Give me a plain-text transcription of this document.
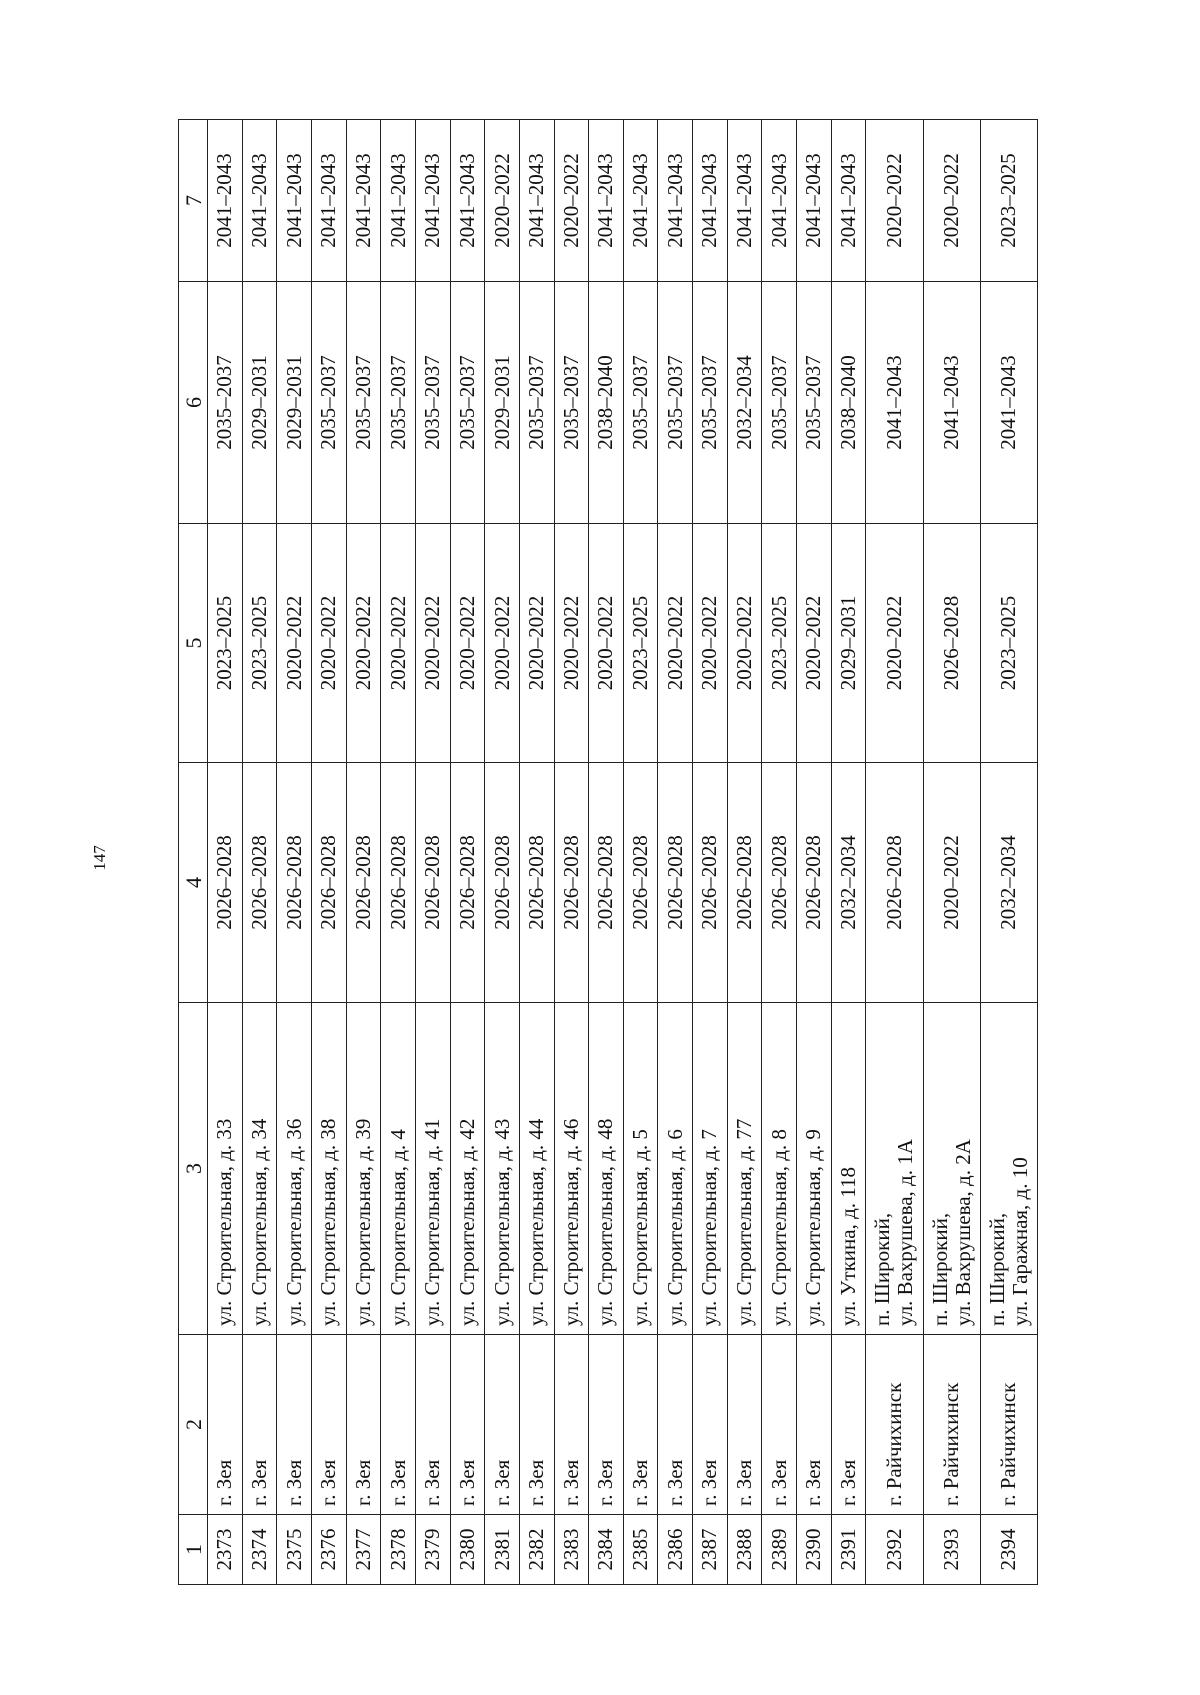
147
1	2	3	4	5	6	7
2373	г. Зея	ул. Строительная, д. 33	2026–2028	2023–2025	2035–2037	2041–2043
2374	г. Зея	ул. Строительная, д. 34	2026–2028	2023–2025	2029–2031	2041–2043
2375	г. Зея	ул. Строительная, д. 36	2026–2028	2020–2022	2029–2031	2041–2043
2376	г. Зея	ул. Строительная, д. 38	2026–2028	2020–2022	2035–2037	2041–2043
2377	г. Зея	ул. Строительная, д. 39	2026–2028	2020–2022	2035–2037	2041–2043
2378	г. Зея	ул. Строительная, д. 4	2026–2028	2020–2022	2035–2037	2041–2043
2379	г. Зея	ул. Строительная, д. 41	2026–2028	2020–2022	2035–2037	2041–2043
2380	г. Зея	ул. Строительная, д. 42	2026–2028	2020–2022	2035–2037	2041–2043
2381	г. Зея	ул. Строительная, д. 43	2026–2028	2020–2022	2029–2031	2020–2022
2382	г. Зея	ул. Строительная, д. 44	2026–2028	2020–2022	2035–2037	2041–2043
2383	г. Зея	ул. Строительная, д. 46	2026–2028	2020–2022	2035–2037	2020–2022
2384	г. Зея	ул. Строительная, д. 48	2026–2028	2020–2022	2038–2040	2041–2043
2385	г. Зея	ул. Строительная, д. 5	2026–2028	2023–2025	2035–2037	2041–2043
2386	г. Зея	ул. Строительная, д. 6	2026–2028	2020–2022	2035–2037	2041–2043
2387	г. Зея	ул. Строительная, д. 7	2026–2028	2020–2022	2035–2037	2041–2043
2388	г. Зея	ул. Строительная, д. 77	2026–2028	2020–2022	2032–2034	2041–2043
2389	г. Зея	ул. Строительная, д. 8	2026–2028	2023–2025	2035–2037	2041–2043
2390	г. Зея	ул. Строительная, д. 9	2026–2028	2020–2022	2035–2037	2041–2043
2391	г. Зея	ул. Уткина, д. 118	2032–2034	2029–2031	2038–2040	2041–2043
2392	г. Райчихинск	п. Широкий, ул. Вахрушева, д. 1А	2026–2028	2020–2022	2041–2043	2020–2022
2393	г. Райчихинск	п. Широкий, ул. Вахрушева, д. 2А	2020–2022	2026–2028	2041–2043	2020–2022
2394	г. Райчихинск	п. Широкий, ул. Гаражная, д. 10	2032–2034	2023–2025	2041–2043	2023–2025
